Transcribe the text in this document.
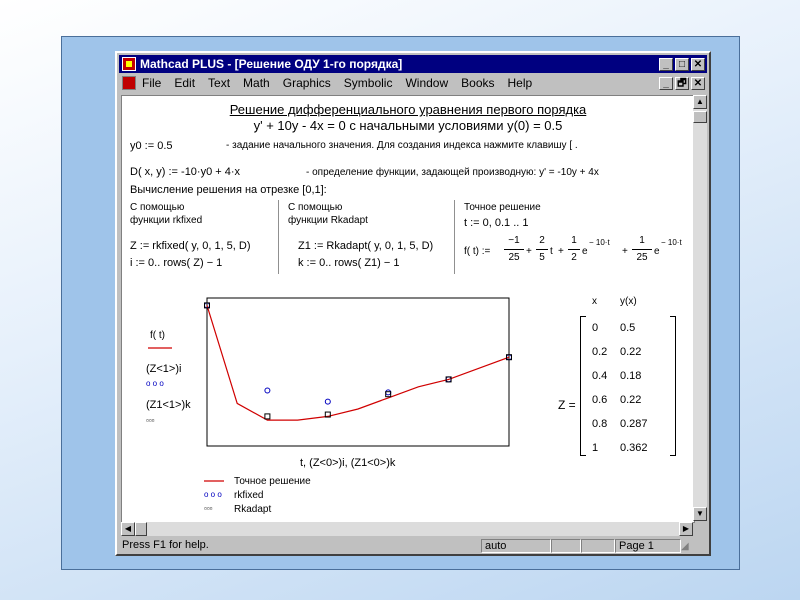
Mathcad PLUS - [Решение ОДУ 1-го порядка]	_	□ ✕
File Edit Text Math Graphics Symbolic Window Books Help	_ 🗗 ✕
Решение дифференциального уравнения первого порядка
y' + 10y - 4x = 0 с начальными условиями y(0) = 0.5
y0 := 0.5	- задание начального значения. Для создания индекса нажмите клавишу [ .
D( x, y) := -10·y0 + 4·x	- определение функции, задающей производную: y' = -10y + 4x
Вычисление решения на отрезке [0,1]:
С помощью
функции rkfixed
Z := rkfixed( y, 0, 1, 5, D)
i := 0.. rows( Z) − 1
С помощью
функции Rkadapt
Z1 := Rkadapt( y, 0, 1, 5, D)
k := 0.. rows( Z1) − 1
Точное решение
t := 0, 0.1 .. 1
f( t) :=
−1
25
+
2
5
t +
1
2
e
− 10·t
+
1
25
e
− 10·t
f( t)
(Z<1>)i
o o o
(Z1<1>)k
▫▫▫
t, (Z<0>)i, (Z1<0>)k
Точное решение
o o o rkfixed
▫▫▫ Rkadapt
x y(x)
Z =
0 0.5
0.2 0.22
0.4 0.18
0.6 0.22
0.8 0.287
1 0.362
▲
▼
◀	▶
Press F1 for help.	auto	Page 1	◢
